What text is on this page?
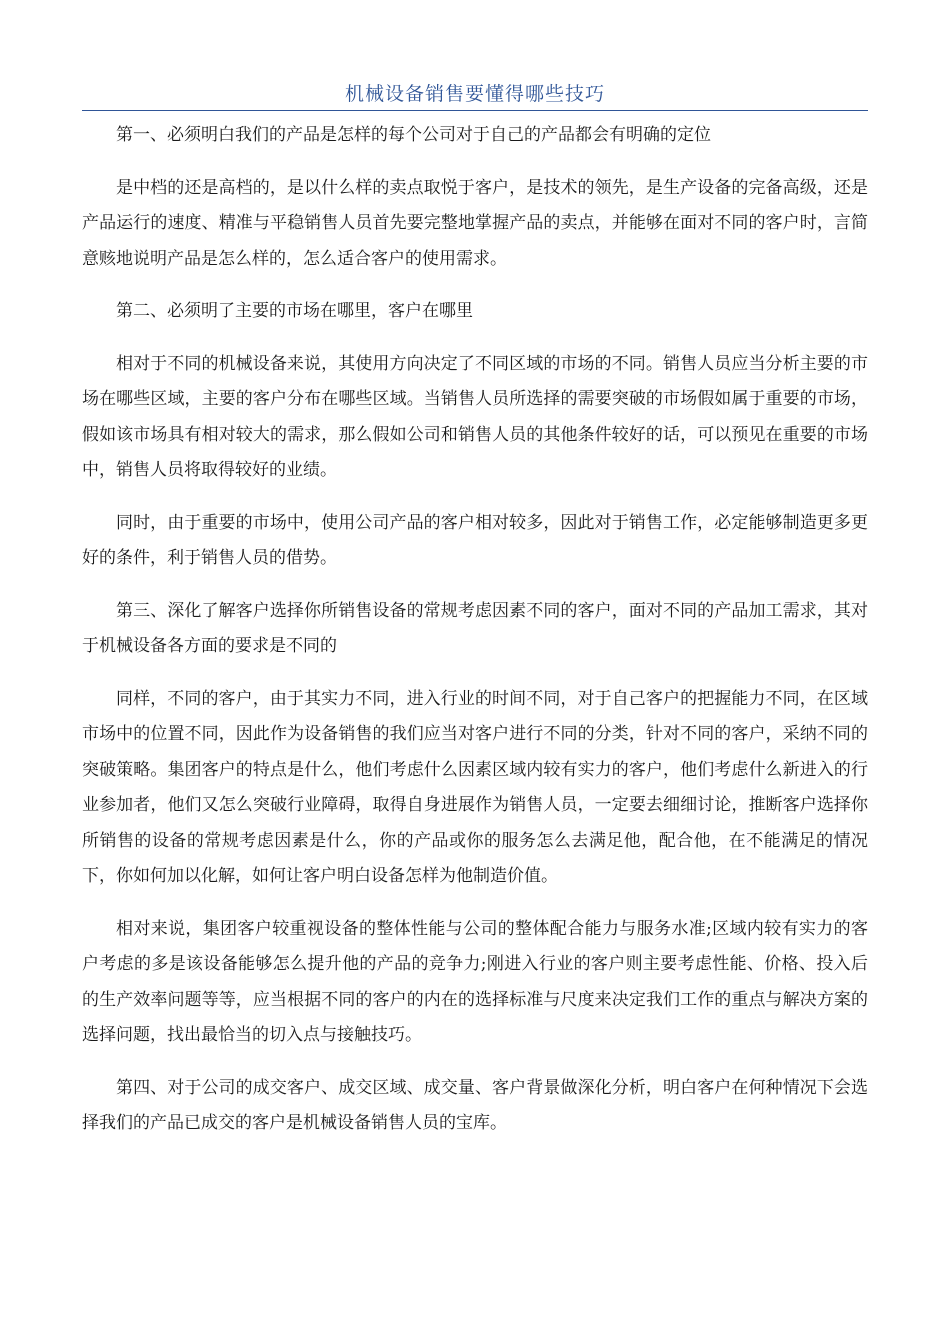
机械设备销售要懂得哪些技巧

第一、必须明白我们的产品是怎样的每个公司对于自己的产品都会有明确的定位

是中档的还是高档的，是以什么样的卖点取悦于客户，是技术的领先，是生产设备的完备高级，还是产品运行的速度、精准与平稳销售人员首先要完整地掌握产品的卖点，并能够在面对不同的客户时，言简意赅地说明产品是怎么样的，怎么适合客户的使用需求。

第二、必须明了主要的市场在哪里，客户在哪里

相对于不同的机械设备来说，其使用方向决定了不同区域的市场的不同。销售人员应当分析主要的市场在哪些区域，主要的客户分布在哪些区域。当销售人员所选择的需要突破的市场假如属于重要的市场，假如该市场具有相对较大的需求，那么假如公司和销售人员的其他条件较好的话，可以预见在重要的市场中，销售人员将取得较好的业绩。

同时，由于重要的市场中，使用公司产品的客户相对较多，因此对于销售工作，必定能够制造更多更好的条件，利于销售人员的借势。

第三、深化了解客户选择你所销售设备的常规考虑因素不同的客户，面对不同的产品加工需求，其对于机械设备各方面的要求是不同的

同样，不同的客户，由于其实力不同，进入行业的时间不同，对于自己客户的把握能力不同，在区域市场中的位置不同，因此作为设备销售的我们应当对客户进行不同的分类，针对不同的客户，采纳不同的突破策略。集团客户的特点是什么，他们考虑什么因素区域内较有实力的客户，他们考虑什么新进入的行业参加者，他们又怎么突破行业障碍，取得自身进展作为销售人员，一定要去细细讨论，推断客户选择你所销售的设备的常规考虑因素是什么，你的产品或你的服务怎么去满足他，配合他，在不能满足的情况下，你如何加以化解，如何让客户明白设备怎样为他制造价值。

相对来说，集团客户较重视设备的整体性能与公司的整体配合能力与服务水准;区域内较有实力的客户考虑的多是该设备能够怎么提升他的产品的竞争力;刚进入行业的客户则主要考虑性能、价格、投入后的生产效率问题等等，应当根据不同的客户的内在的选择标准与尺度来决定我们工作的重点与解决方案的选择问题，找出最恰当的切入点与接触技巧。

第四、对于公司的成交客户、成交区域、成交量、客户背景做深化分析，明白客户在何种情况下会选择我们的产品已成交的客户是机械设备销售人员的宝库。
